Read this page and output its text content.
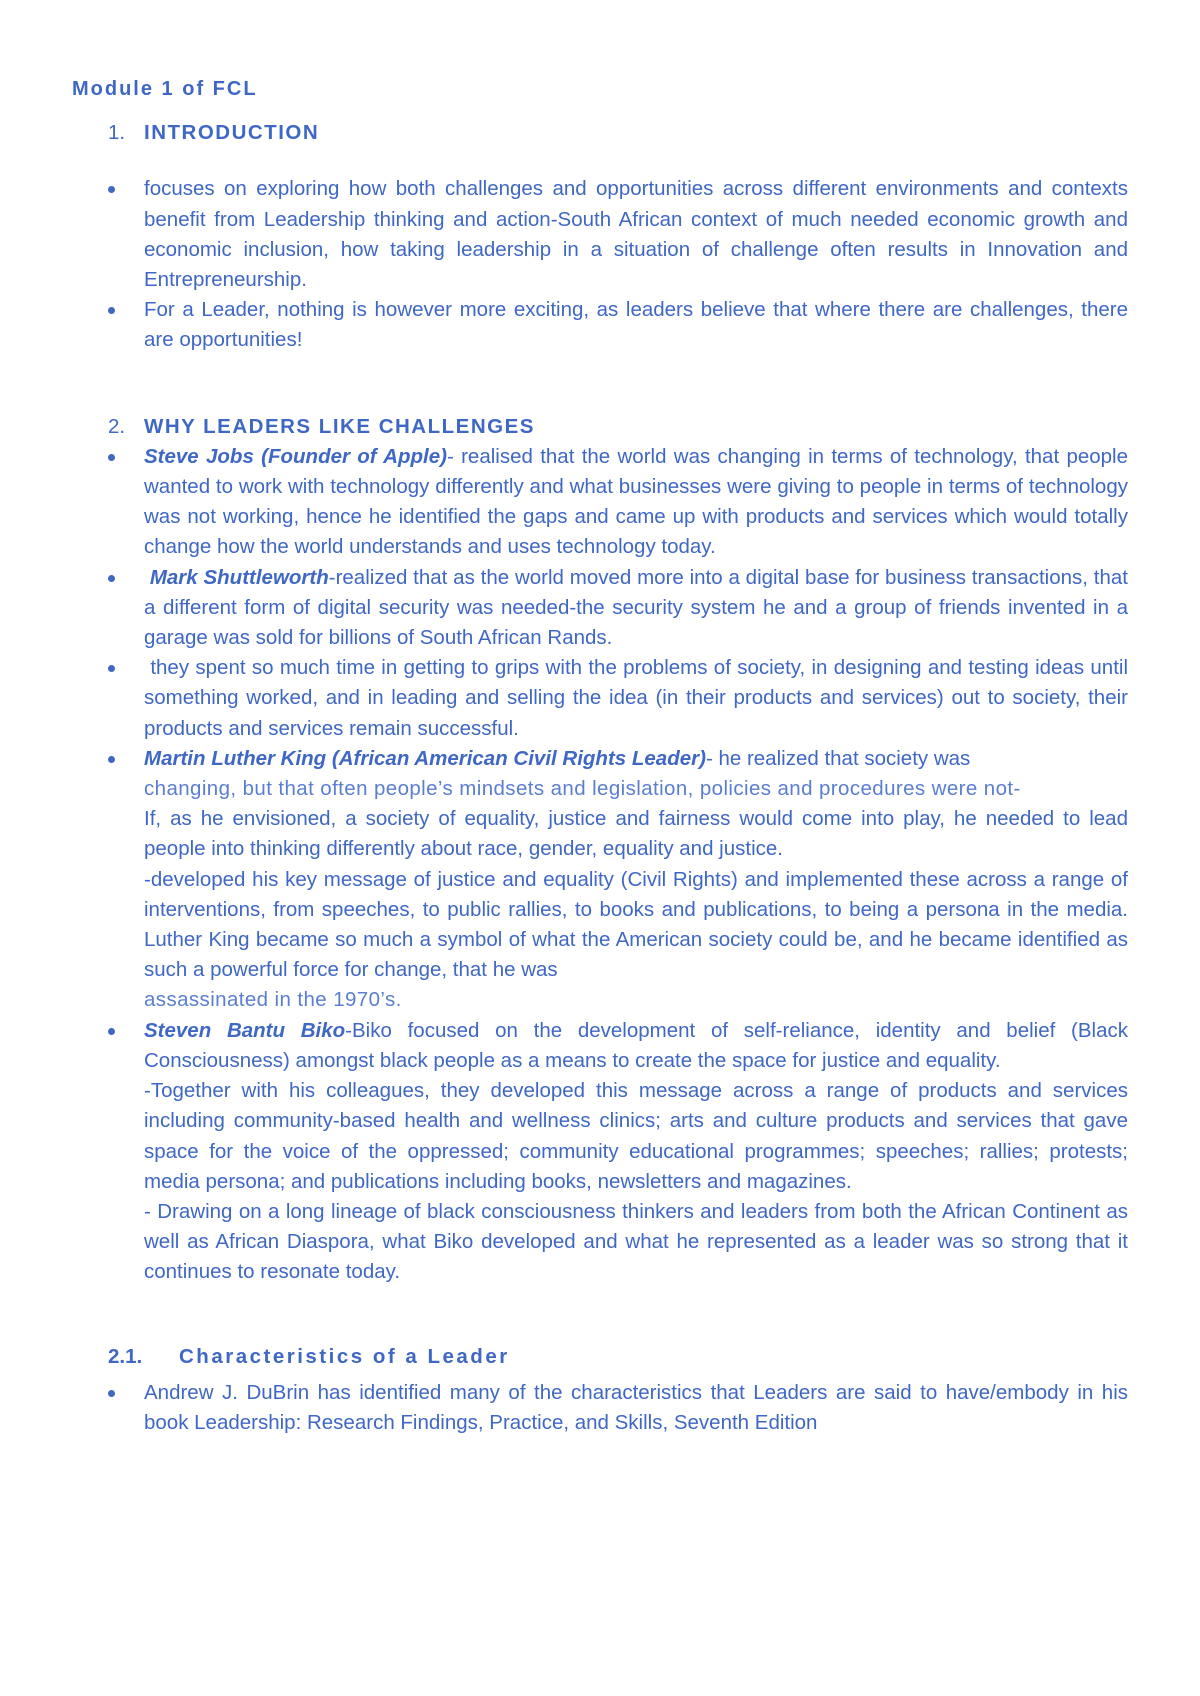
Module 1 of FCL
1. INTRODUCTION
focuses on exploring how both challenges and opportunities across different environments and contexts benefit from Leadership thinking and action-South African context of much needed economic growth and economic inclusion, how taking leadership in a situation of challenge often results in Innovation and Entrepreneurship.
For a Leader, nothing is however more exciting, as leaders believe that where there are challenges, there are opportunities!
2. WHY LEADERS LIKE CHALLENGES
Steve Jobs (Founder of Apple)- realised that the world was changing in terms of technology, that people wanted to work with technology differently and what businesses were giving to people in terms of technology was not working, hence he identified the gaps and came up with products and services which would totally change how the world understands and uses technology today.
Mark Shuttleworth-realized that as the world moved more into a digital base for business transactions, that a different form of digital security was needed-the security system he and a group of friends invented in a garage was sold for billions of South African Rands.
they spent so much time in getting to grips with the problems of society, in designing and testing ideas until something worked, and in leading and selling the idea (in their products and services) out to society, their products and services remain successful.
Martin Luther King (African American Civil Rights Leader)- he realized that society was
changing, but that often people’s mindsets and legislation, policies and procedures were not-
If, as he envisioned, a society of equality, justice and fairness would come into play, he needed to lead people into thinking differently about race, gender, equality and justice.
-developed his key message of justice and equality (Civil Rights) and implemented these across a range of interventions, from speeches, to public rallies, to books and publications, to being a persona in the media. Luther King became so much a symbol of what the American society could be, and he became identified as such a powerful force for change, that he was
assassinated in the 1970’s.
Steven Bantu Biko-Biko focused on the development of self-reliance, identity and belief (Black Consciousness) amongst black people as a means to create the space for justice and equality.
-Together with his colleagues, they developed this message across a range of products and services including community-based health and wellness clinics; arts and culture products and services that gave space for the voice of the oppressed; community educational programmes; speeches; rallies; protests; media persona; and publications including books, newsletters and magazines.
- Drawing on a long lineage of black consciousness thinkers and leaders from both the African Continent as well as African Diaspora, what Biko developed and what he represented as a leader was so strong that it continues to resonate today.
2.1.	Characteristics of a Leader
Andrew J. DuBrin has identified many of the characteristics that Leaders are said to have/embody in his book Leadership: Research Findings, Practice, and Skills, Seventh Edition
